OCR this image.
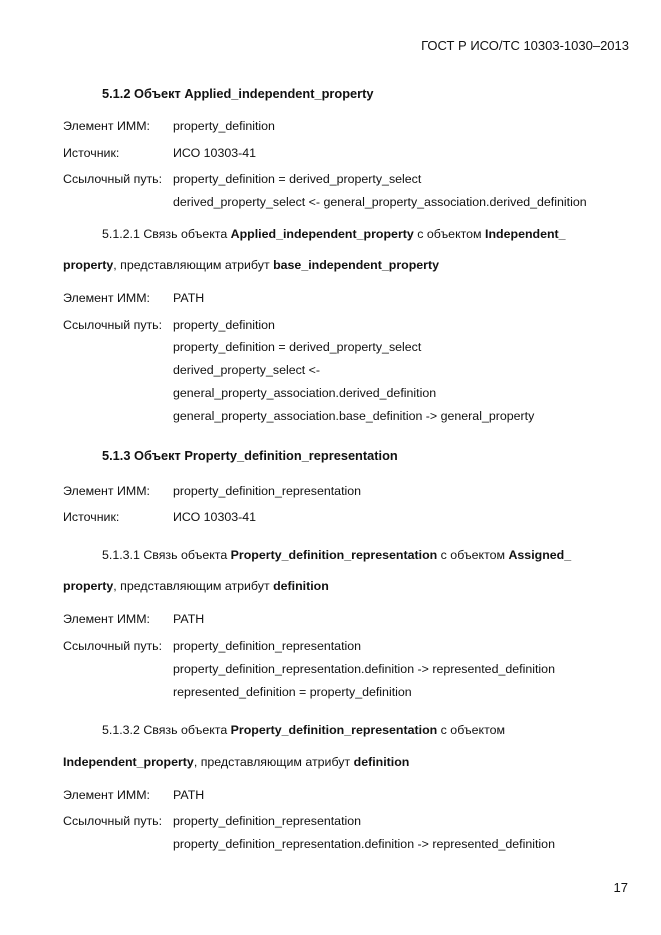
ГОСТ Р ИСО/ТС 10303-1030–2013
5.1.2 Объект Applied_independent_property
Элемент ИММ: property_definition
Источник:	ИСО 10303-41
Ссылочный путь: property_definition = derived_property_select
derived_property_select <- general_property_association.derived_definition
5.1.2.1 Связь объекта Applied_independent_property с объектом Independent_
property, представляющим атрибут base_independent_property
Элемент ИММ: PATH
Ссылочный путь: property_definition
property_definition = derived_property_select
derived_property_select <-
general_property_association.derived_definition
general_property_association.base_definition -> general_property
5.1.3 Объект Property_definition_representation
Элемент ИММ: property_definition_representation
Источник:	ИСО 10303-41
5.1.3.1 Связь объекта Property_definition_representation с объектом Assigned_
property, представляющим атрибут definition
Элемент ИММ: PATH
Ссылочный путь: property_definition_representation
property_definition_representation.definition -> represented_definition
represented_definition = property_definition
5.1.3.2 Связь объекта Property_definition_representation с объектом
Independent_property, представляющим атрибут definition
Элемент ИММ: PATH
Ссылочный путь: property_definition_representation
property_definition_representation.definition -> represented_definition
17
